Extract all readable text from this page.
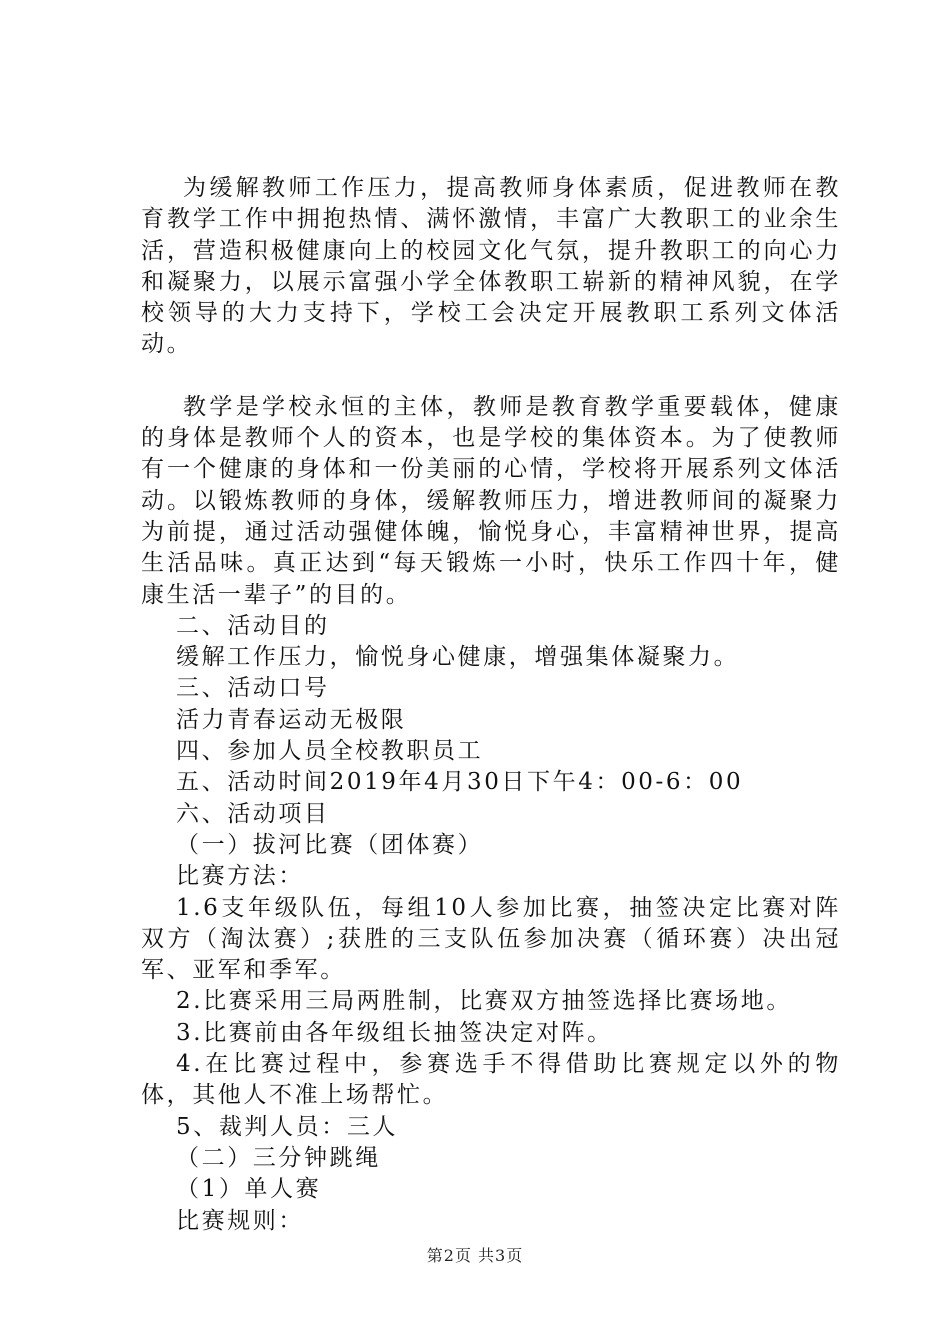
为缓解教师工作压力，提高教师身体素质，促进教师在教育教学工作中拥抱热情、满怀激情，丰富广大教职工的业余生活，营造积极健康向上的校园文化气氛，提升教职工的向心力和凝聚力，以展示富强小学全体教职工崭新的精神风貌，在学校领导的大力支持下，学校工会决定开展教职工系列文体活动。

教学是学校永恒的主体，教师是教育教学重要载体，健康的身体是教师个人的资本，也是学校的集体资本。为了使教师有一个健康的身体和一份美丽的心情，学校将开展系列文体活动。以锻炼教师的身体，缓解教师压力，增进教师间的凝聚力为前提，通过活动强健体魄，愉悦身心，丰富精神世界，提高生活品味。真正达到“每天锻炼一小时，快乐工作四十年，健康生活一辈子”的目的。

二、活动目的

缓解工作压力，愉悦身心健康，增强集体凝聚力。

三、活动口号

活力青春运动无极限

四、参加人员全校教职员工

五、活动时间2019年4月30日下午4：00-6：00

六、活动项目

（一）拔河比赛（团体赛）

比赛方法：

1.6支年级队伍，每组10人参加比赛，抽签决定比赛对阵双方（淘汰赛）;获胜的三支队伍参加决赛（循环赛）决出冠军、亚军和季军。

2.比赛采用三局两胜制，比赛双方抽签选择比赛场地。

3.比赛前由各年级组长抽签决定对阵。

4.在比赛过程中，参赛选手不得借助比赛规定以外的物体，其他人不准上场帮忙。

5、裁判人员：三人

（二）三分钟跳绳

（1）单人赛

比赛规则：

第2页 共3页
